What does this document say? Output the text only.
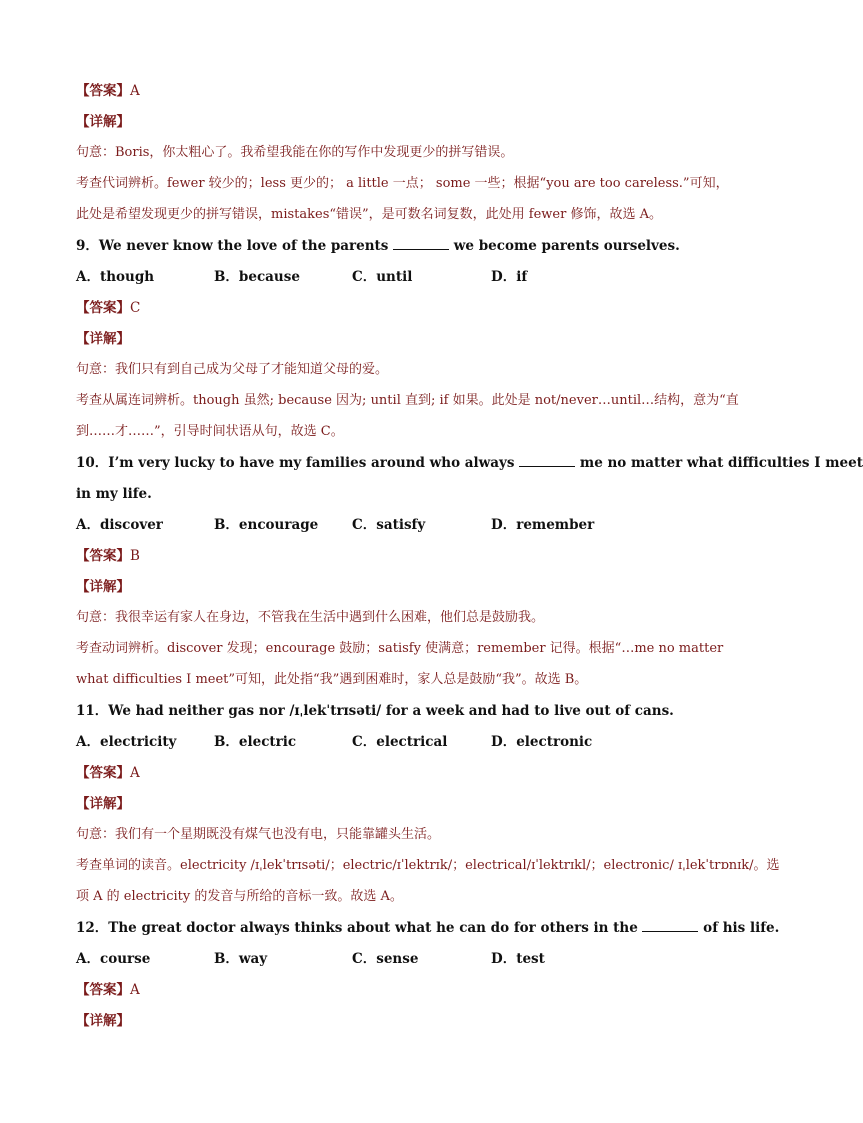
【答案】A
【详解】
句意：Boris，你太粗心了。我希望我能在你的写作中发现更少的拼写错误。
考查代词辨析。fewer 较少的；less 更少的； a little 一点； some 一些；根据“you are too careless.”可知，
此处是希望发现更少的拼写错误，mistakes“错误”，是可数名词复数，此处用 fewer 修饰，故选 A。
9．We never know the love of the parents	we become parents ourselves.
A．though	B．because	C．until	D．if
【答案】C
【详解】
句意：我们只有到自己成为父母了才能知道父母的爱。
考查从属连词辨析。though 虽然; because 因为; until 直到; if 如果。此处是 not/never…until…结构，意为“直
到……才……”，引导时间状语从句，故选 C。
10．I’m very lucky to have my families around who always	me no matter what difficulties I meet
in my life.
A．discover	B．encourage	C．satisfy	D．remember
【答案】B
【详解】
句意：我很幸运有家人在身边，不管我在生活中遇到什么困难，他们总是鼓励我。
考查动词辨析。discover 发现；encourage 鼓励；satisfy 使满意；remember 记得。根据“…me no matter
what difficulties I meet”可知，此处指“我”遇到困难时，家人总是鼓励“我”。故选 B。
11．We had neither gas nor /ɪˌlekˈtrɪsəti/ for a week and had to live out of cans.
A．electricity	B．electric	C．electrical	D．electronic
【答案】A
【详解】
句意：我们有一个星期既没有煤气也没有电，只能靠罐头生活。
考查单词的读音。electricity /ɪˌlekˈtrɪsəti/；electric/ɪˈlektrɪk/；electrical/ɪˈlektrɪkl/；electronic/ ɪˌlekˈtrɒnɪk/。选
项 A 的 electricity 的发音与所给的音标一致。故选 A。
12．The great doctor always thinks about what he can do for others in the	of his life.
A．course	B．way	C．sense	D．test
【答案】A
【详解】
